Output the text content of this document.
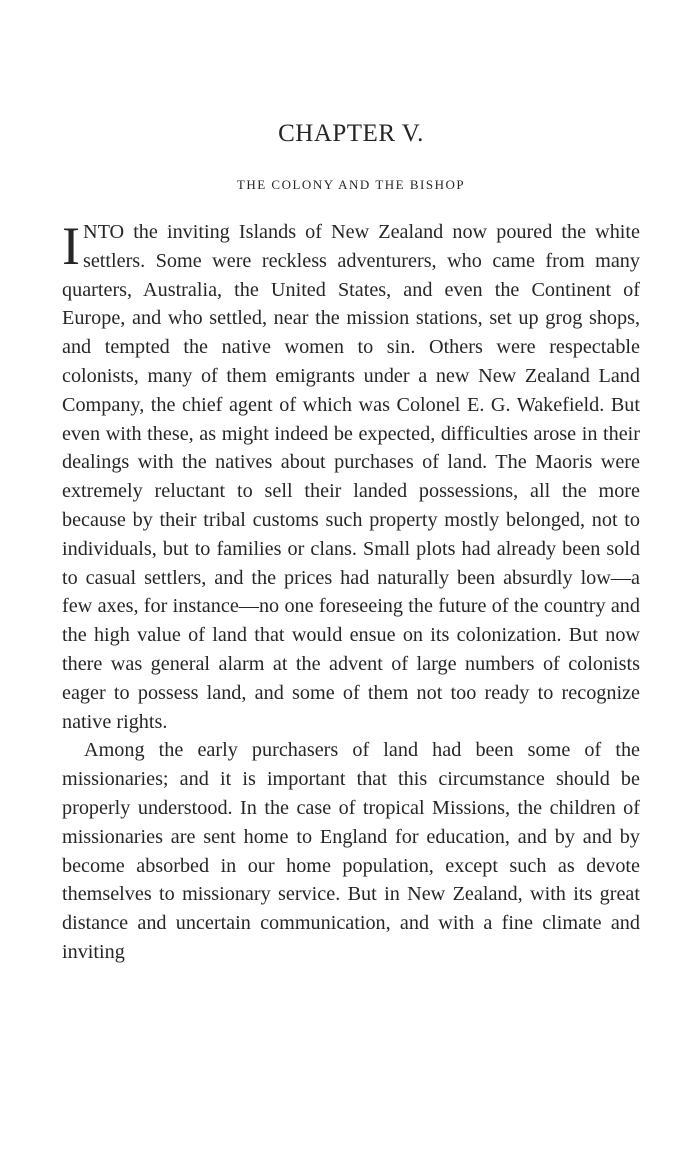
CHAPTER V.
THE COLONY AND THE BISHOP

I NTO the inviting Islands of New Zealand now poured the white settlers. Some were reckless adventurers, who came from many quarters, Australia, the United States, and even the Continent of Europe, and who settled, near the mission stations, set up grog shops, and tempted the native women to sin. Others were respectable colonists, many of them emigrants under a new New Zealand Land Company, the chief agent of which was Colonel E. G. Wakefield. But even with these, as might indeed be expected, difficulties arose in their dealings with the natives about purchases of land. The Maoris were extremely reluctant to sell their landed possessions, all the more because by their tribal customs such property mostly belonged, not to individuals, but to families or clans. Small plots had already been sold to casual settlers, and the prices had naturally been absurdly low—a few axes, for instance—no one foreseeing the future of the country and the high value of land that would ensue on its colonization. But now there was general alarm at the advent of large numbers of colonists eager to possess land, and some of them not too ready to recognize native rights.

Among the early purchasers of land had been some of the missionaries; and it is important that this circumstance should be properly understood. In the case of tropical Missions, the children of missionaries are sent home to England for education, and by and by become absorbed in our home population, except such as devote themselves to missionary service. But in New Zealand, with its great distance and uncertain communication, and with a fine climate and inviting
